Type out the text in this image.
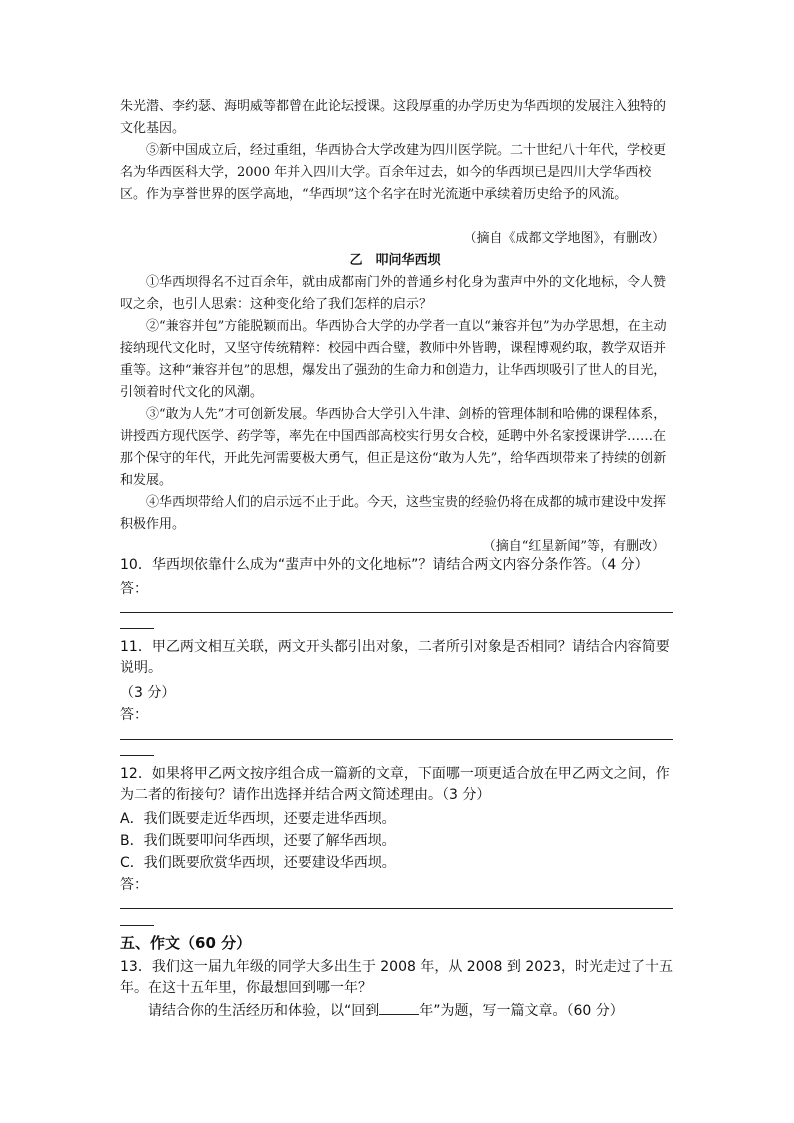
朱光潜、李约瑟、海明威等都曾在此论坛授课。这段厚重的办学历史为华西坝的发展注入独特的文化基因。
⑤新中国成立后，经过重组，华西协合大学改建为四川医学院。二十世纪八十年代，学校更名为华西医科大学，2000 年并入四川大学。百余年过去，如今的华西坝已是四川大学华西校区。作为享誉世界的医学高地，“华西坝”这个名字在时光流逝中承续着历史给予的风流。
（摘自《成都文学地图》，有删改）
乙　叩问华西坝
①华西坝得名不过百余年，就由成都南门外的普通乡村化身为蜚声中外的文化地标，令人赞叹之余，也引人思索：这种变化给了我们怎样的启示？
②“兼容并包”方能脱颖而出。华西协合大学的办学者一直以“兼容并包”为办学思想，在主动接纳现代文化时，又坚守传统精粹：校园中西合璧，教师中外皆聘，课程博观约取，教学双语并重等。这种“兼容并包”的思想，爆发出了强劲的生命力和创造力，让华西坝吸引了世人的目光，引领着时代文化的风潮。
③“敢为人先”才可创新发展。华西协合大学引入牛津、剑桥的管理体制和哈佛的课程体系，讲授西方现代医学、药学等，率先在中国西部高校实行男女合校，延聘中外名家授课讲学……在那个保守的年代，开此先河需要极大勇气，但正是这份“敢为人先”，给华西坝带来了持续的创新和发展。
④华西坝带给人们的启示远不止于此。今天，这些宝贵的经验仍将在成都的城市建设中发挥积极作用。
（摘自“红星新闻”等，有删改）
10．华西坝依靠什么成为“蜚声中外的文化地标”？请结合两文内容分条作答。（4 分）
答：
11．甲乙两文相互关联，两文开头都引出对象，二者所引对象是否相同？请结合内容简要说明。
（3 分）
答：
12．如果将甲乙两文按序组合成一篇新的文章，下面哪一项更适合放在甲乙两文之间，作为二者的衔接句？请作出选择并结合两文简述理由。（3 分）
A．我们既要走近华西坝，还要走进华西坝。
B．我们既要叩问华西坝，还要了解华西坝。
C．我们既要欣赏华西坝，还要建设华西坝。
答：
五、作文（60 分）
13．我们这一届九年级的同学大多出生于 2008 年，从 2008 到 2023，时光走过了十五年。在这十五年里，你最想回到哪一年？
请结合你的生活经历和体验，以“回到	年”为题，写一篇文章。（60 分）
